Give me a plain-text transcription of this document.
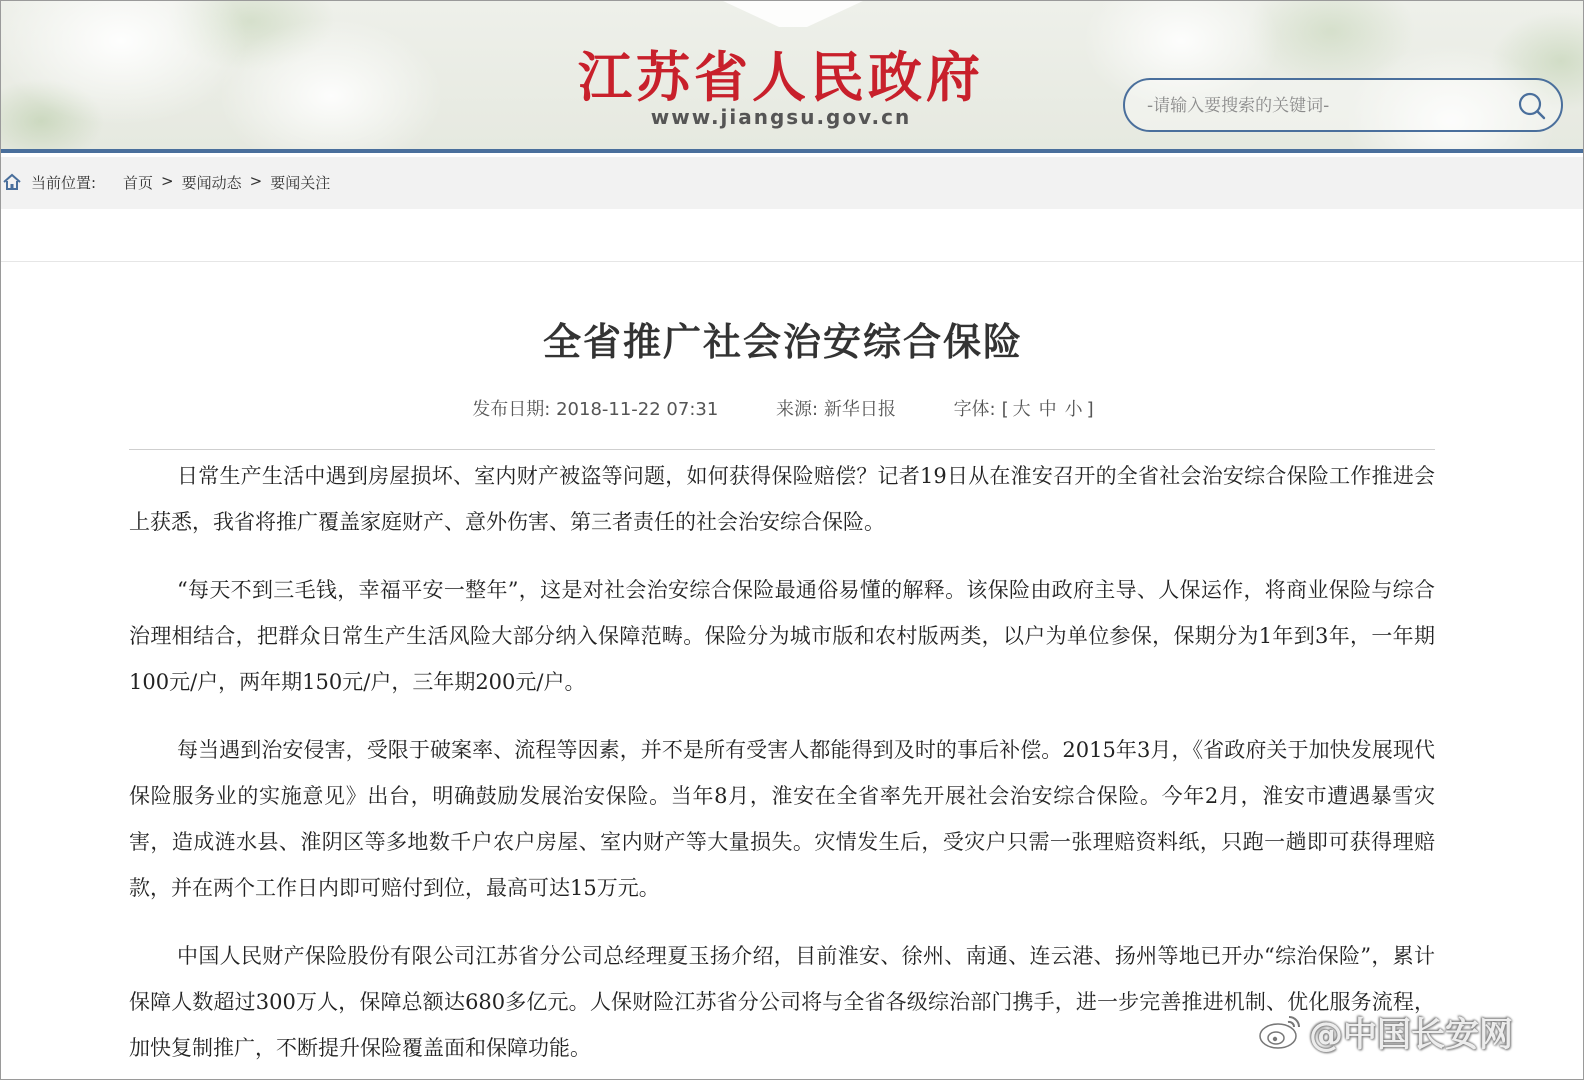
江苏省人民政府
www.jiangsu.gov.cn
-请输入要搜索的关键词-
当前位置: 首页 > 要闻动态 > 要闻关注
全省推广社会治安综合保险
发布日期: 2018-11-22 07:31	来源: 新华日报	字体: [ 大 中 小 ]

日常生产生活中遇到房屋损坏、室内财产被盗等问题，如何获得保险赔偿？记者19日从在淮安召开的全省社会治安综合保险工作推进会上获悉，我省将推广覆盖家庭财产、意外伤害、第三者责任的社会治安综合保险。

“每天不到三毛钱，幸福平安一整年”，这是对社会治安综合保险最通俗易懂的解释。该保险由政府主导、人保运作，将商业保险与综合治理相结合，把群众日常生产生活风险大部分纳入保障范畴。保险分为城市版和农村版两类，以户为单位参保，保期分为1年到3年，一年期100元/户，两年期150元/户，三年期200元/户。

每当遇到治安侵害，受限于破案率、流程等因素，并不是所有受害人都能得到及时的事后补偿。2015年3月，《省政府关于加快发展现代保险服务业的实施意见》出台，明确鼓励发展治安保险。当年8月，淮安在全省率先开展社会治安综合保险。今年2月，淮安市遭遇暴雪灾害，造成涟水县、淮阴区等多地数千户农户房屋、室内财产等大量损失。灾情发生后，受灾户只需一张理赔资料纸，只跑一趟即可获得理赔款，并在两个工作日内即可赔付到位，最高可达15万元。

中国人民财产保险股份有限公司江苏省分公司总经理夏玉扬介绍，目前淮安、徐州、南通、连云港、扬州等地已开办“综治保险”，累计保障人数超过300万人，保障总额达680多亿元。人保财险江苏省分公司将与全省各级综治部门携手，进一步完善推进机制、优化服务流程，加快复制推广，不断提升保险覆盖面和保障功能。	@中国长安网
